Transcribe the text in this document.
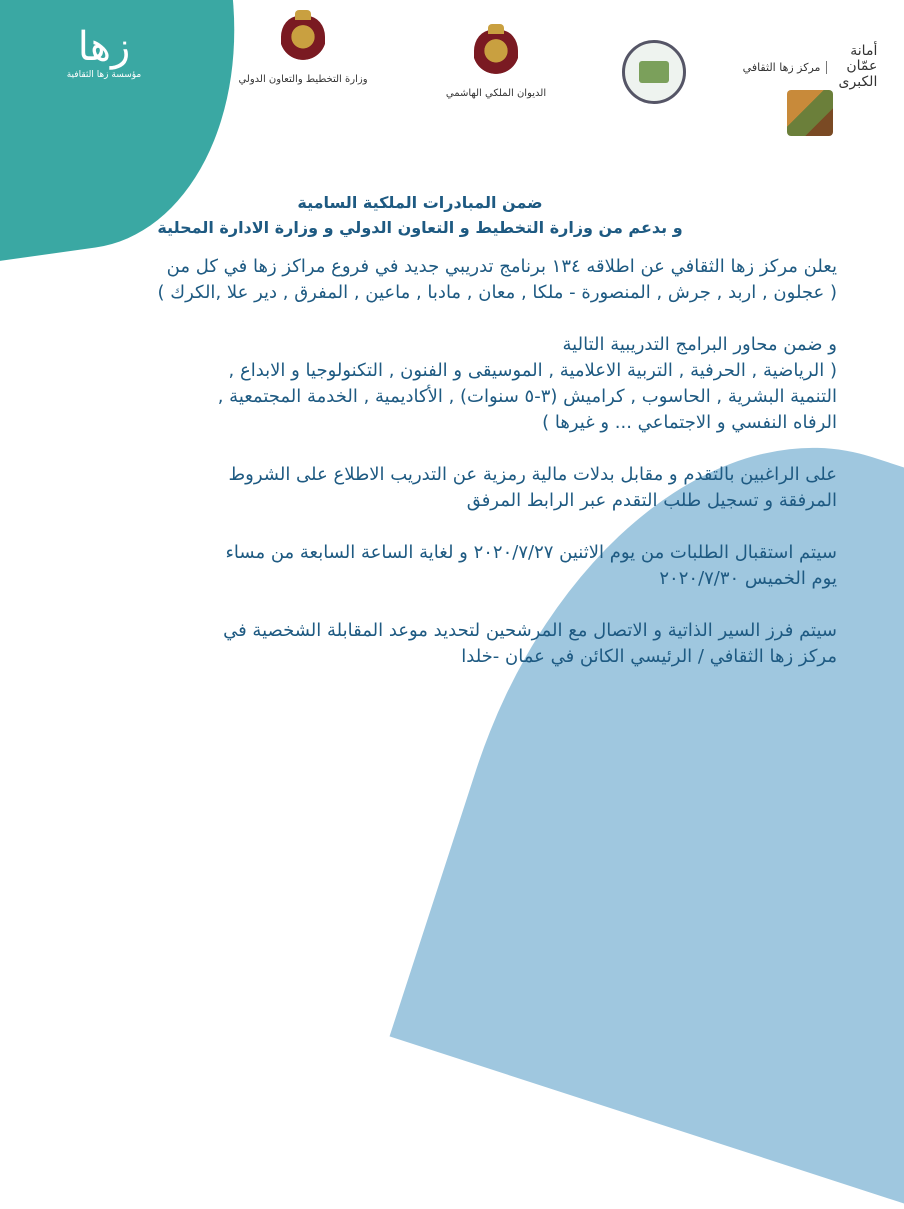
زها
مؤسسة زها الثقافية	وزارة التخطيط والتعاون الدولي
الديوان الملكي الهاشمي
مركز زها الثقافي أمانة
عمّان
الكبرى
ضمن المبادرات الملكية السامية
و بدعم من وزارة التخطيط و التعاون الدولي و وزارة الادارة المحلية

يعلن مركز زها الثقافي عن اطلاقه ١٣٤ برنامج تدريبي جديد في فروع مراكز زها في كل من
( عجلون , اربد , جرش , المنصورة - ملكا , معان , مادبا , ماعين , المفرق , دير علا ,الكرك )

و ضمن محاور البرامج التدريبية التالية
( الرياضية , الحرفية , التربية الاعلامية , الموسيقى و الفنون , التكنولوجيا و الابداع ,
التنمية البشرية , الحاسوب , كراميش (٣-٥ سنوات) , الأكاديمية , الخدمة المجتمعية ,
الرفاه النفسي و الاجتماعي ... و غيرها )

على الراغبين بالتقدم و مقابل بدلات مالية رمزية عن التدريب الاطلاع على الشروط
المرفقة و تسجيل طلب التقدم عبر الرابط المرفق

سيتم استقبال الطلبات من يوم الاثنين ٢٠٢٠/٧/٢٧ و لغاية الساعة السابعة من مساء
يوم الخميس ٢٠٢٠/٧/٣٠

سيتم فرز السير الذاتية و الاتصال مع المرشحين لتحديد موعد المقابلة الشخصية في
مركز زها الثقافي / الرئيسي الكائن في عمان -خلدا
